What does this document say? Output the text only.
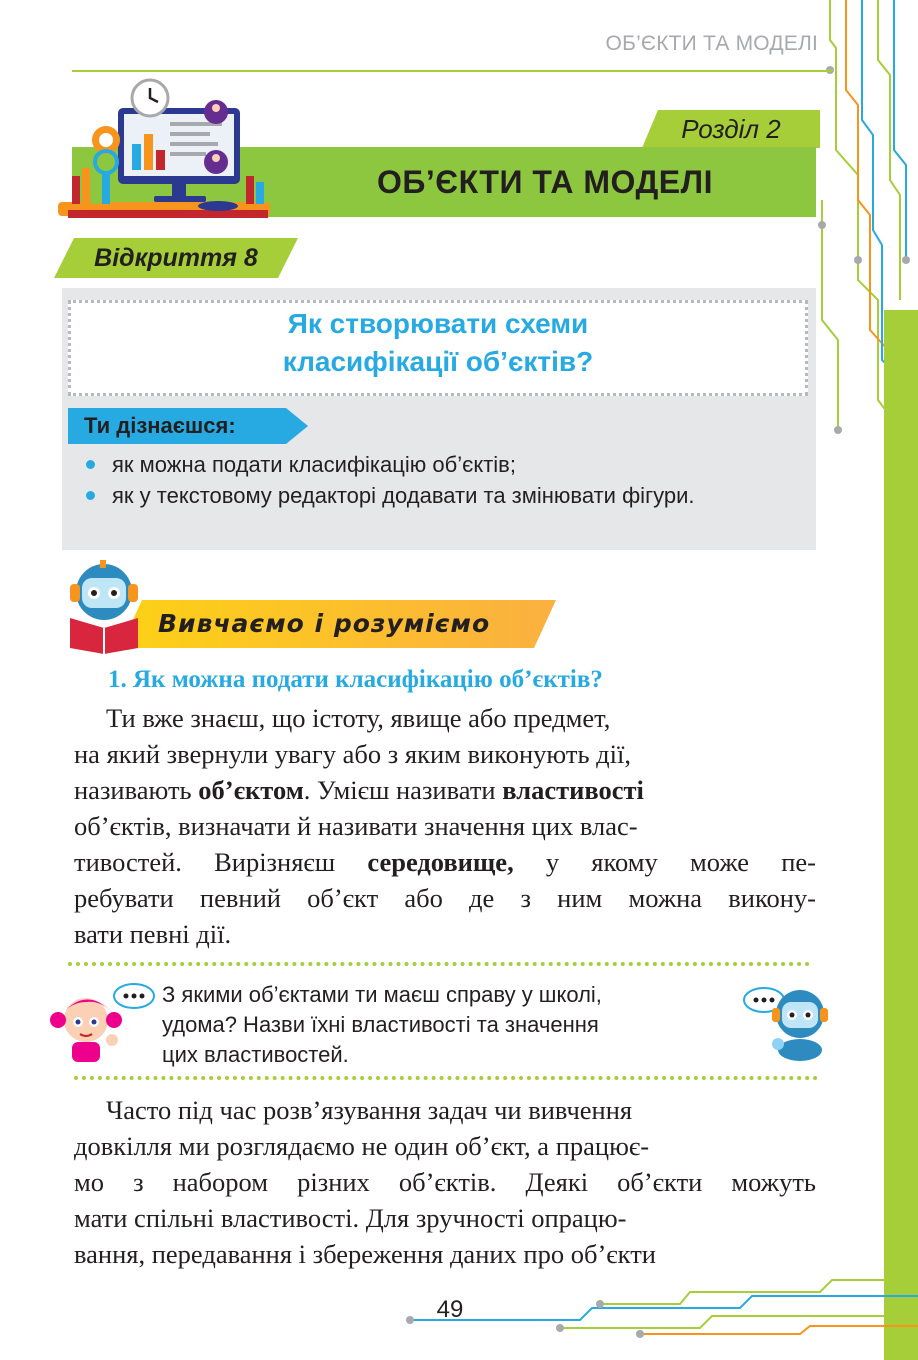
ОБ’ЄКТИ ТА МОДЕЛІ
Розділ 2
ОБ’ЄКТИ ТА МОДЕЛІ
Відкриття 8
Як створювати схеми
класифікації об’єктів?
Ти дізнаєшся:
як можна подати класифікацію об’єктів;
як у текстовому редакторі додавати та змінювати фігури.
Вивчаємо і розуміємо
1. Як можна подати класифікацію об’єктів?
Ти вже знаєш, що істоту, явище або предмет,
на який звернули увагу або з яким виконують дії,
називають об’єктом. Умієш називати властивості
об’єктів, визначати й називати значення цих влас-
тивостей. Вирізняєш середовище, у якому може пе-
ребувати певний об’єкт або де з ним можна викону-
вати певні дії.
З якими об’єктами ти маєш справу у школі,
удома? Назви їхні властивості та значення
цих властивостей.
Часто під час розв’язування задач чи вивчення
довкілля ми розглядаємо не один об’єкт, а працює-
мо з набором різних об’єктів. Деякі об’єкти можуть
мати спільні властивості. Для зручності опрацю-
вання, передавання і збереження даних про об’єкти
49
